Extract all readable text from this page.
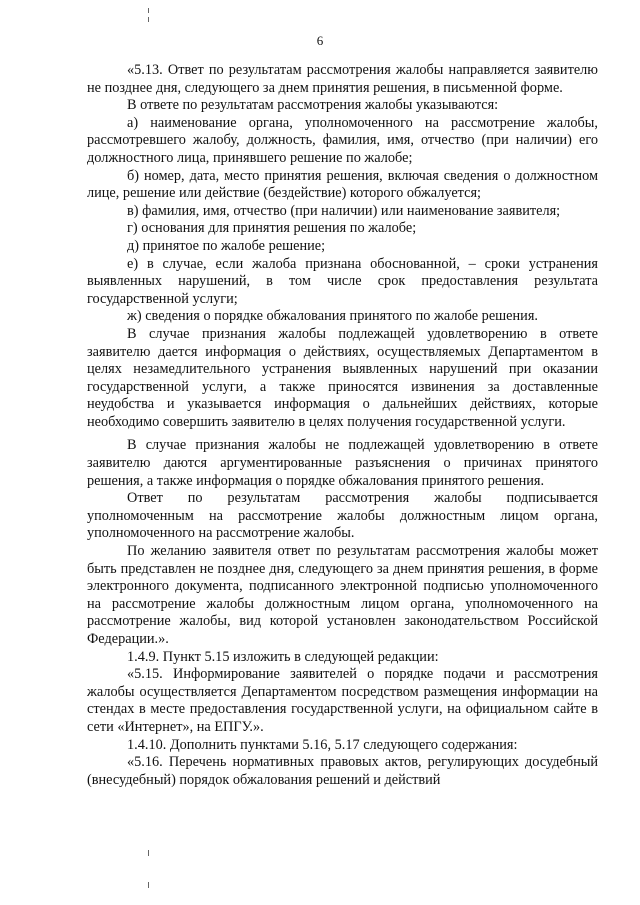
6

«5.13. Ответ по результатам рассмотрения жалобы направляется заявителю не позднее дня, следующего за днем принятия решения, в письменной форме.

В ответе по результатам рассмотрения жалобы указываются:

а) наименование органа, уполномоченного на рассмотрение жалобы, рассмотревшего жалобу, должность, фамилия, имя, отчество (при наличии) его должностного лица, принявшего решение по жалобе;

б) номер, дата, место принятия решения, включая сведения о должностном лице, решение или действие (бездействие) которого обжалуется;

в) фамилия, имя, отчество (при наличии) или наименование заявителя;

г) основания для принятия решения по жалобе;

д) принятое по жалобе решение;

е) в случае, если жалоба признана обоснованной, – сроки устранения выявленных нарушений, в том числе срок предоставления результата государственной услуги;

ж) сведения о порядке обжалования принятого по жалобе решения.

В случае признания жалобы подлежащей удовлетворению в ответе заявителю дается информация о действиях, осуществляемых Департаментом в целях незамедлительного устранения выявленных нарушений при оказании государственной услуги, а также приносятся извинения за доставленные неудобства и указывается информация о дальнейших действиях, которые необходимо совершить заявителю в целях получения государственной услуги.

В случае признания жалобы не подлежащей удовлетворению в ответе заявителю даются аргументированные разъяснения о причинах принятого решения, а также информация о порядке обжалования принятого решения.

Ответ по результатам рассмотрения жалобы подписывается уполномоченным на рассмотрение жалобы должностным лицом органа, уполномоченного на рассмотрение жалобы.

По желанию заявителя ответ по результатам рассмотрения жалобы может быть представлен не позднее дня, следующего за днем принятия решения, в форме электронного документа, подписанного электронной подписью уполномоченного на рассмотрение жалобы должностным лицом органа, уполномоченного на рассмотрение жалобы, вид которой установлен законодательством Российской Федерации.».

1.4.9. Пункт 5.15 изложить в следующей редакции:

«5.15. Информирование заявителей о порядке подачи и рассмотрения жалобы осуществляется Департаментом посредством размещения информации на стендах в месте предоставления государственной услуги, на официальном сайте в сети «Интернет», на ЕПГУ.».

1.4.10. Дополнить пунктами 5.16, 5.17 следующего содержания:

«5.16. Перечень нормативных правовых актов, регулирующих досудебный (внесудебный) порядок обжалования решений и действий
